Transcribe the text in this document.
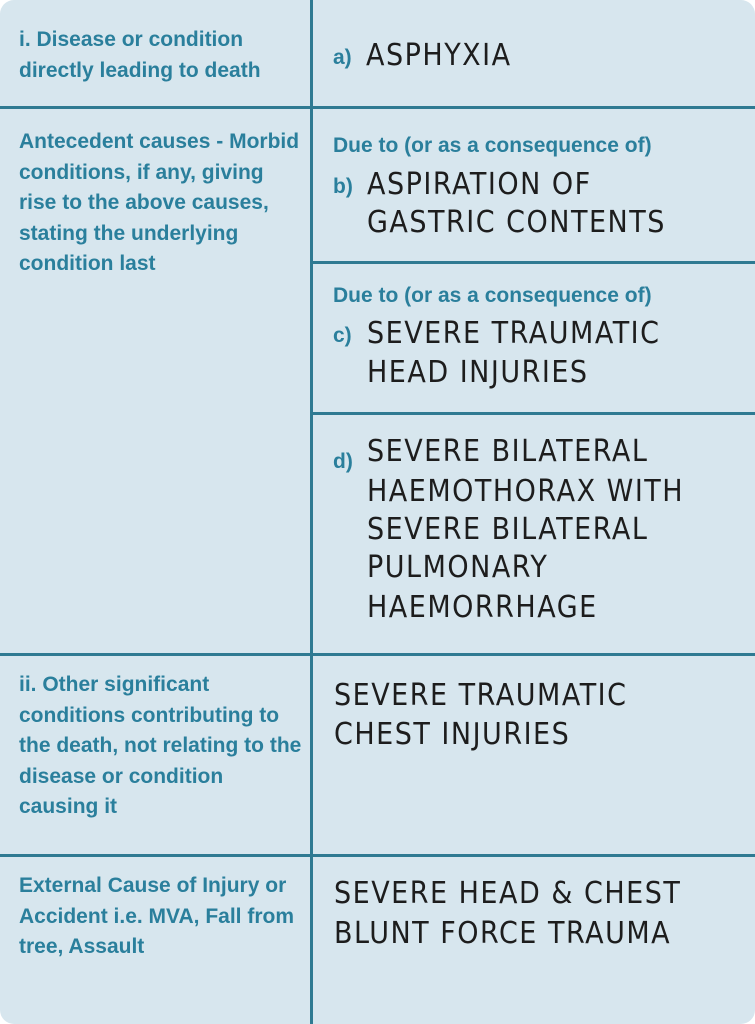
i. Disease or condition directly leading to death
a) ASPHYXIA
Antecedent causes - Morbid conditions, if any, giving rise to the above causes, stating the underlying condition last
Due to (or as a consequence of)
b) ASPIRATION OF
GASTRIC CONTENTS
Due to (or as a consequence of)
c) SEVERE TRAUMATIC
HEAD INJURIES
d) SEVERE BILATERAL
HAEMOTHORAX WITH
SEVERE BILATERAL
PULMONARY
HAEMORRHAGE
ii. Other significant conditions contributing to the death, not relating to the disease or condition causing it
SEVERE TRAUMATIC
CHEST INJURIES
External Cause of Injury or Accident i.e. MVA, Fall from tree, Assault
SEVERE HEAD & CHEST
BLUNT FORCE TRAUMA
